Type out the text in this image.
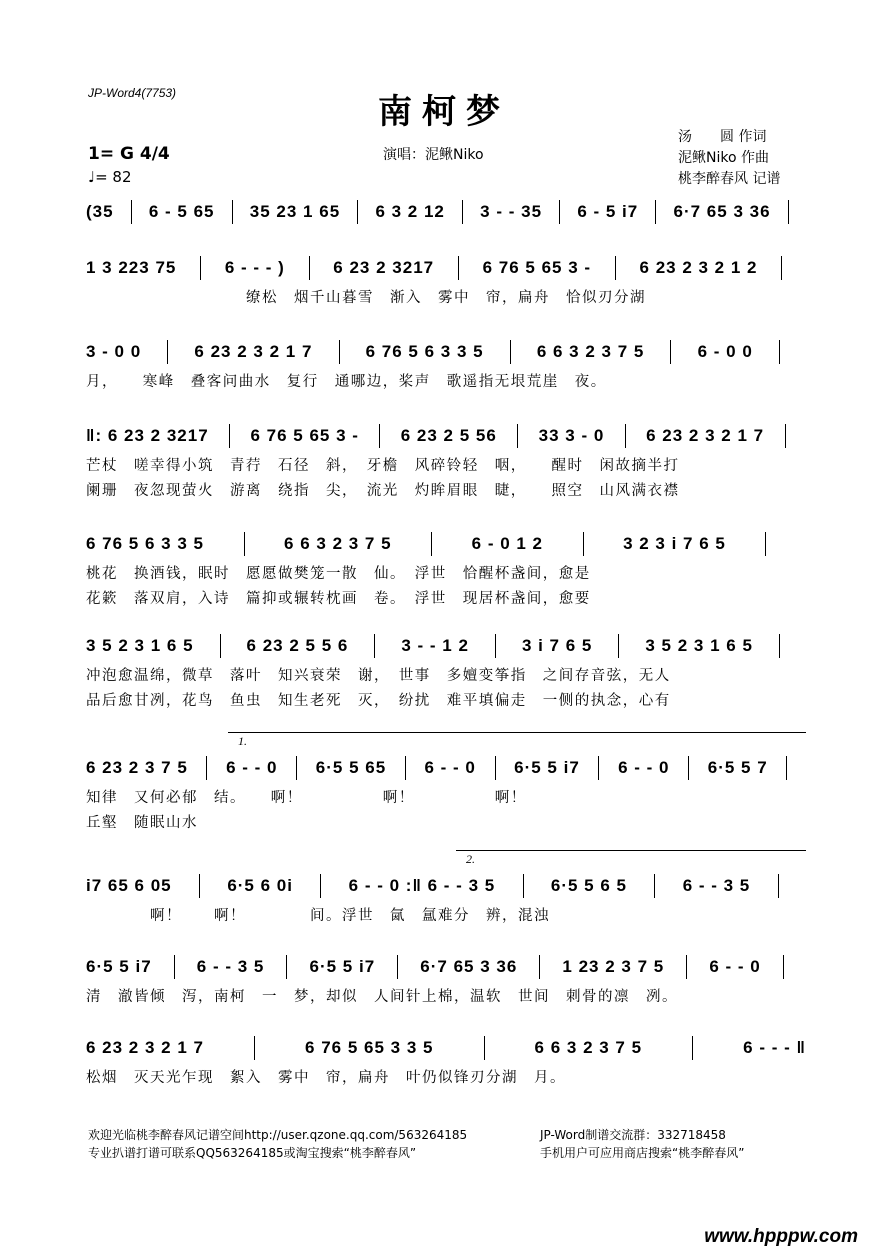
JP-Word4(7753)	南柯梦
演唱：泥鳅Niko
1= G 4/4
♩= 82
汤　　圆 作词
泥鳅Niko 作曲
桃李醉春风 记谱
(35 6 - 5 65 35 23 1 65 6 3 2 12 3 - - 35 6 - 5 i7 6·7 65 3 36
1 3 223 75	6 - - - )	6 23 2 3217	6 76 5 65 3 -	6 23 2 3 2 1 2
　　　　　　　　　　缭松　烟千山暮雪　渐入　雾中　帘，扁舟　恰似刃分湖
3 - 0 0	6 23 2 3 2 1 7	6 76 5 6 3 3 5	6 6 3 2 3 7 5	6 - 0 0
月，　　寒峰　叠客问曲水　复行　通哪边，桨声　歌遥指无垠荒崖　夜。
‖: 6 23 2 3217 6 76 5 65 3 - 6 23 2 5 56 33 3 - 0 6 23 2 3 2 1 7
芒杖　嗟幸得小筑　青荇　石径　斜，　牙檐　风碎铃轻　咽，　　醒时　闲故摘半打
阑珊　夜忽现萤火　游离　绕指　尖，　流光　灼眸眉眼　睫，　　照空　山风满衣襟
6 76 5 6 3 3 5	6 6 3 2 3 7 5	6 - 0 1 2	3 2 3 i 7 6 5
桃花　换酒钱，眠时　愿愿做樊笼一散　仙。　浮世　恰醒杯盏间，愈是
花簌　落双肩，入诗　篇抑或辗转枕画　卷。　浮世　现居杯盏间，愈要
3 5 2 3 1 6 5	6 23 2 5 5 6	3 - - 1 2	3 i 7 6 5	3 5 2 3 1 6 5
冲泡愈温绵，微草　落叶　知兴衰荣　谢，　世事　多嬗变筝指　之间存音弦，无人
品后愈甘冽，花鸟　鱼虫　知生老死　灭，　纷扰　难平填偏走　一侧的执念，心有
6 23 2 3 7 5 6 - - 0 6·5 5 65 6 - - 0 6·5 5 i7 6 - - 0 6·5 5 7
1.
知律　又何必郁　结。　　啊！　　　　　啊！　　　　　啊！
丘壑　随眠山水
i7 65 6 05	6·5 6 0i	6 - - 0 :‖ 6 - - 3 5	6·5 5 6 5	6 - - 3 5
2.
　　　　啊！　　啊！　　　　间。浮世　氤　氲难分　辨，混浊
6·5 5 i7	6 - - 3 5	6·5 5 i7	6·7 65 3 36	1 23 2 3 7 5	6 - - 0
清　澈皆倾　泻，南柯　一　梦，却似　人间针上棉，温软　世间　刺骨的凛　冽。
6 23 2 3 2 1 7	6 76 5 65 3 3 5	6 6 3 2 3 7 5	6 - - - ‖
松烟　灭天光乍现　絮入　雾中　帘，扁舟　叶仍似锋刃分湖　月。
欢迎光临桃李醉春风记谱空间http://user.qzone.qq.com/563264185	JP-Word制谱交流群：332718458
专业扒谱打谱可联系QQ563264185或淘宝搜索“桃李醉春风”	手机用户可应用商店搜索“桃李醉春风”
www.hpppw.com
